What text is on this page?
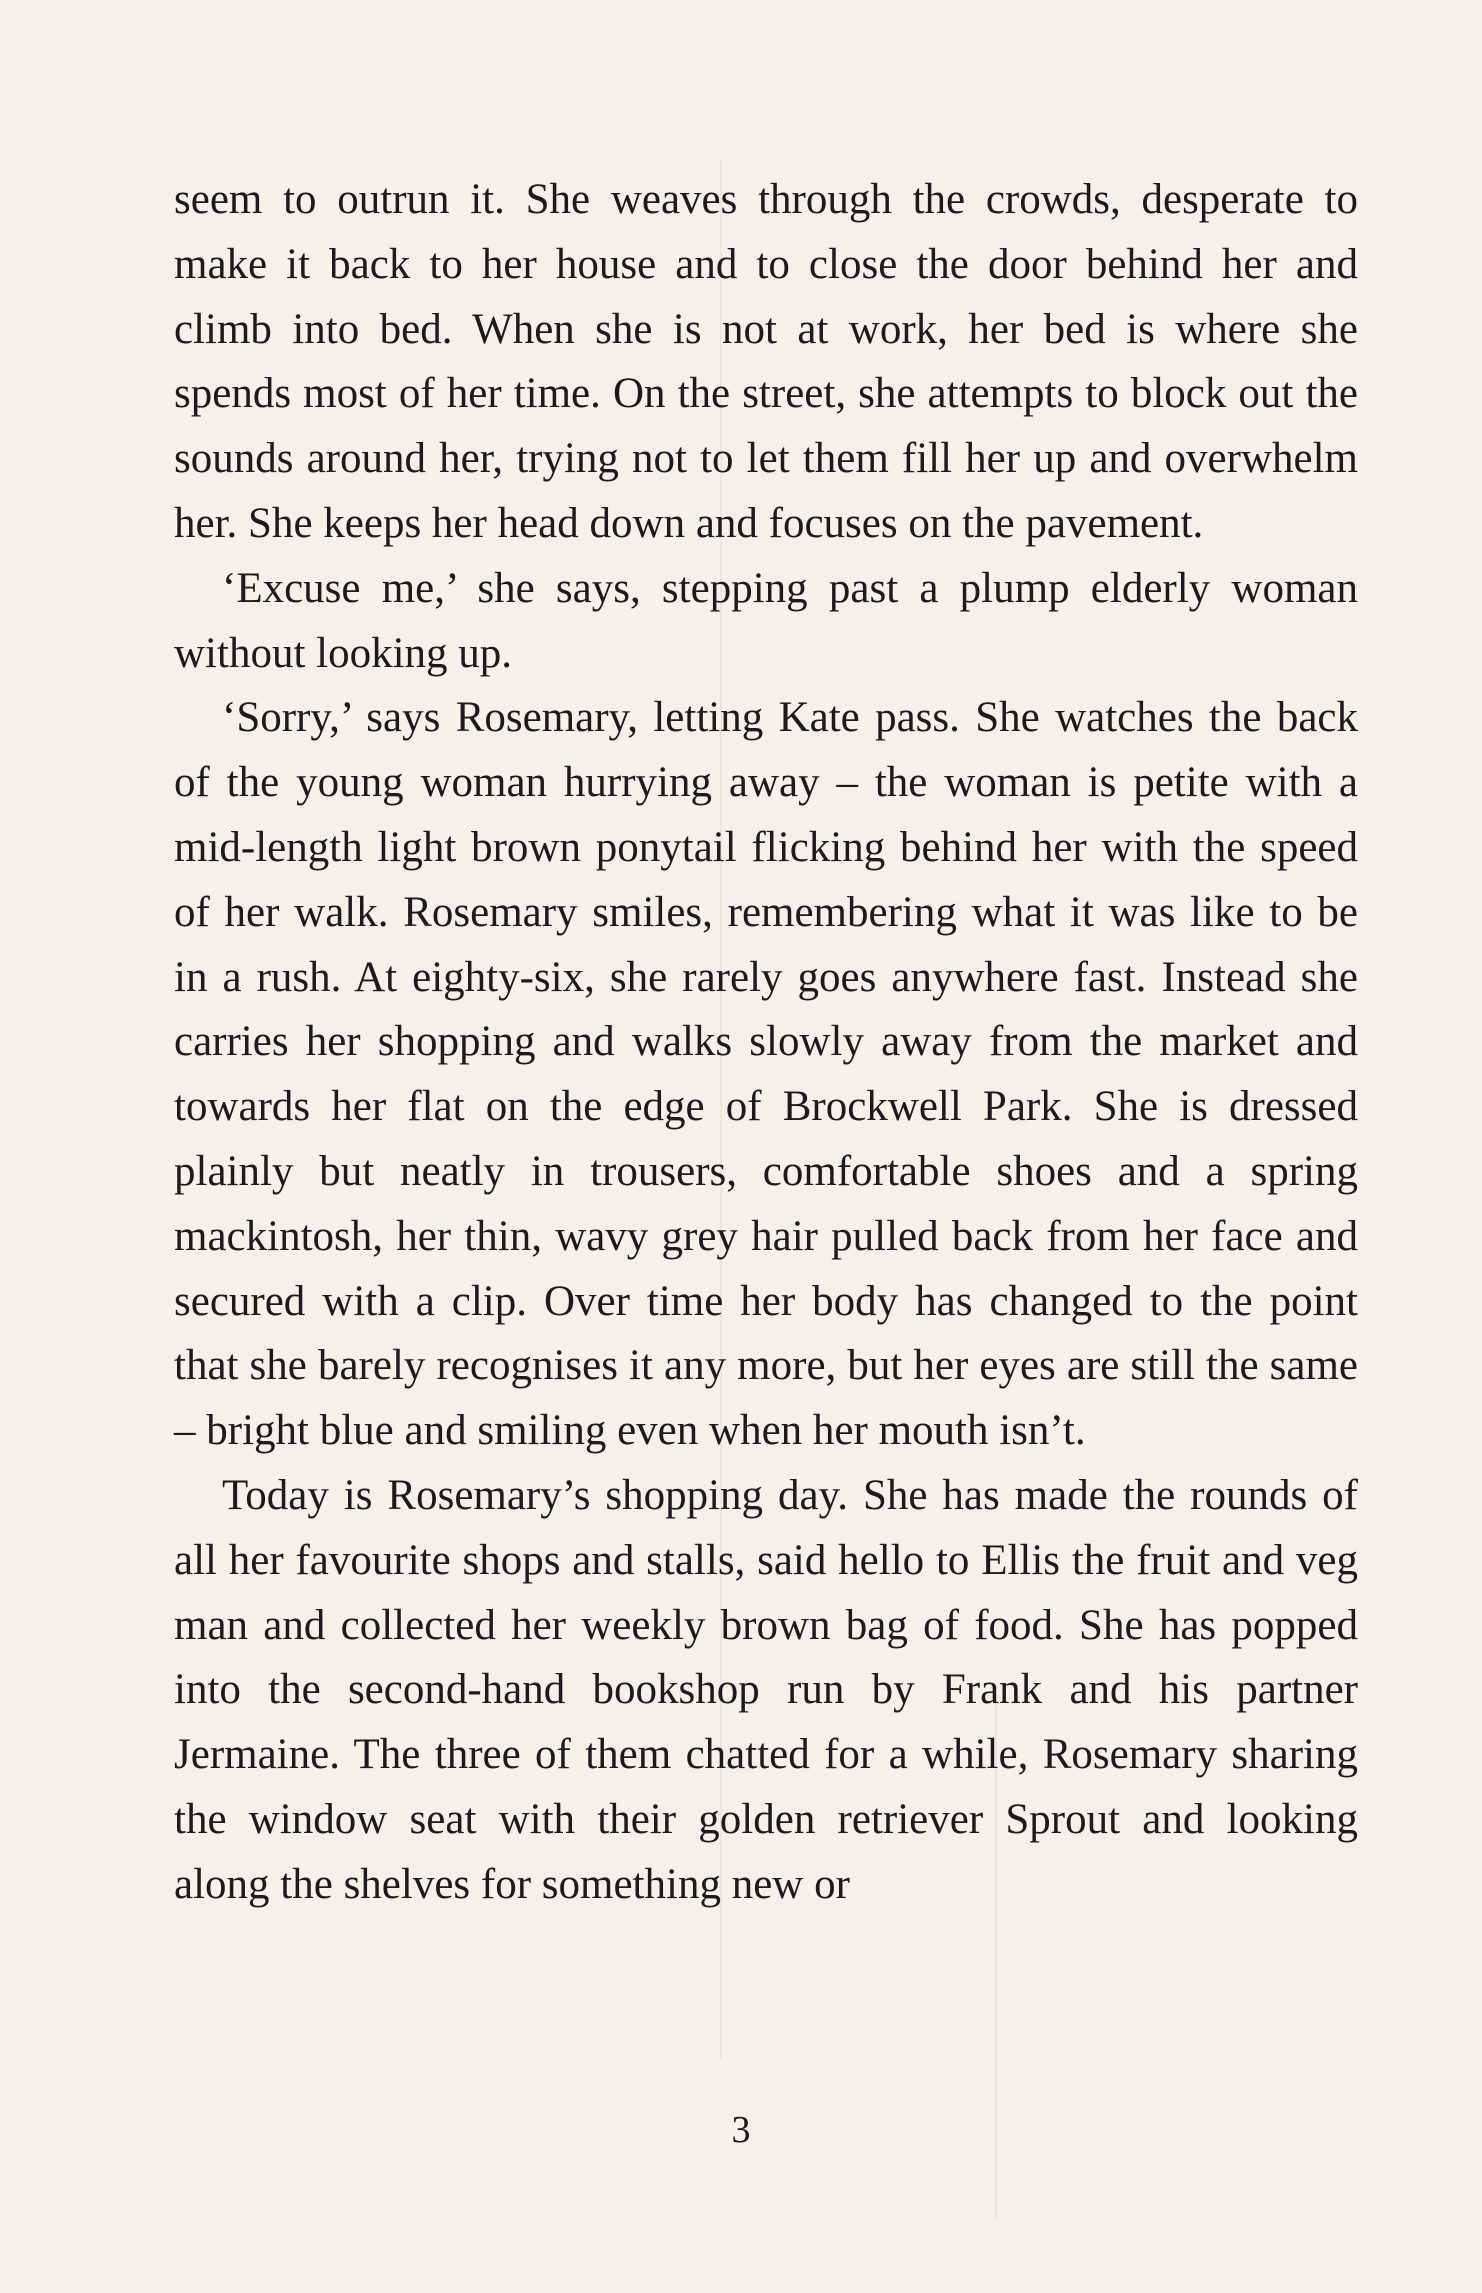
seem to outrun it. She weaves through the crowds, desperate to make it back to her house and to close the door behind her and climb into bed. When she is not at work, her bed is where she spends most of her time. On the street, she attempts to block out the sounds around her, trying not to let them fill her up and overwhelm her. She keeps her head down and focuses on the pavement.

‘Excuse me,’ she says, stepping past a plump elderly woman without looking up.

‘Sorry,’ says Rosemary, letting Kate pass. She watches the back of the young woman hurrying away – the woman is petite with a mid-length light brown ponytail flicking behind her with the speed of her walk. Rosemary smiles, remembering what it was like to be in a rush. At eighty-six, she rarely goes anywhere fast. Instead she carries her shopping and walks slowly away from the market and towards her flat on the edge of Brockwell Park. She is dressed plainly but neatly in trousers, comfortable shoes and a spring mackintosh, her thin, wavy grey hair pulled back from her face and secured with a clip. Over time her body has changed to the point that she barely recognises it any more, but her eyes are still the same – bright blue and smiling even when her mouth isn’t.

Today is Rosemary’s shopping day. She has made the rounds of all her favourite shops and stalls, said hello to Ellis the fruit and veg man and collected her weekly brown bag of food. She has popped into the second-hand bookshop run by Frank and his partner Jermaine. The three of them chatted for a while, Rosemary sharing the window seat with their golden retriever Sprout and looking along the shelves for something new or

3
